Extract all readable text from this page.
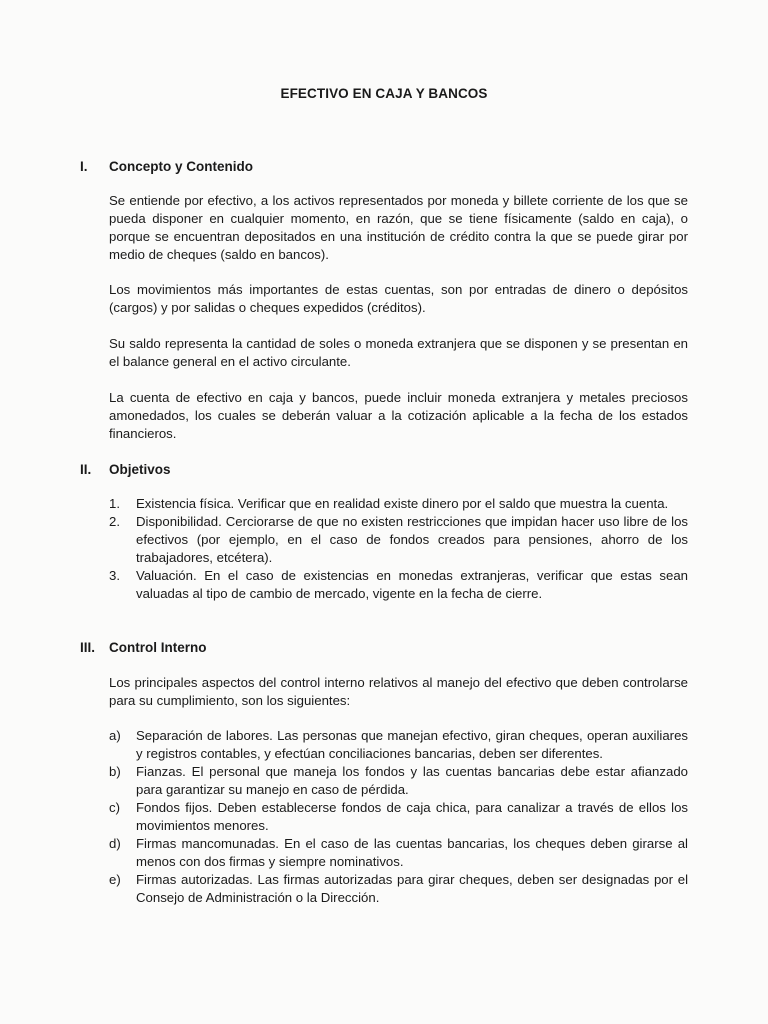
EFECTIVO EN CAJA Y BANCOS
I. Concepto y Contenido
Se entiende por efectivo, a los activos representados por moneda y billete corriente de los que se pueda disponer en cualquier momento, en razón, que se tiene físicamente (saldo en caja), o porque se encuentran depositados en una institución de crédito contra la que se puede girar por medio de cheques (saldo en bancos).
Los movimientos más importantes de estas cuentas, son por entradas de dinero o depósitos (cargos) y por salidas o cheques expedidos (créditos).
Su saldo representa la cantidad de soles o moneda extranjera que se disponen y se presentan en el balance general en el activo circulante.
La cuenta de efectivo en caja y bancos, puede incluir moneda extranjera y metales preciosos amonedados, los cuales se deberán valuar a la cotización aplicable a la fecha de los estados financieros.
II. Objetivos
1. Existencia física. Verificar que en realidad existe dinero por el saldo que muestra la cuenta.
2. Disponibilidad. Cerciorarse de que no existen restricciones que impidan hacer uso libre de los efectivos (por ejemplo, en el caso de fondos creados para pensiones, ahorro de los trabajadores, etcétera).
3. Valuación. En el caso de existencias en monedas extranjeras, verificar que estas sean valuadas al tipo de cambio de mercado, vigente en la fecha de cierre.
III. Control Interno
Los principales aspectos del control interno relativos al manejo del efectivo que deben controlarse para su cumplimiento, son los siguientes:
a) Separación de labores. Las personas que manejan efectivo, giran cheques, operan auxiliares y registros contables, y efectúan conciliaciones bancarias, deben ser diferentes.
b) Fianzas. El personal que maneja los fondos y las cuentas bancarias debe estar afianzado para garantizar su manejo en caso de pérdida.
c) Fondos fijos. Deben establecerse fondos de caja chica, para canalizar a través de ellos los movimientos menores.
d) Firmas mancomunadas. En el caso de las cuentas bancarias, los cheques deben girarse al menos con dos firmas y siempre nominativos.
e) Firmas autorizadas. Las firmas autorizadas para girar cheques, deben ser designadas por el Consejo de Administración o la Dirección.
